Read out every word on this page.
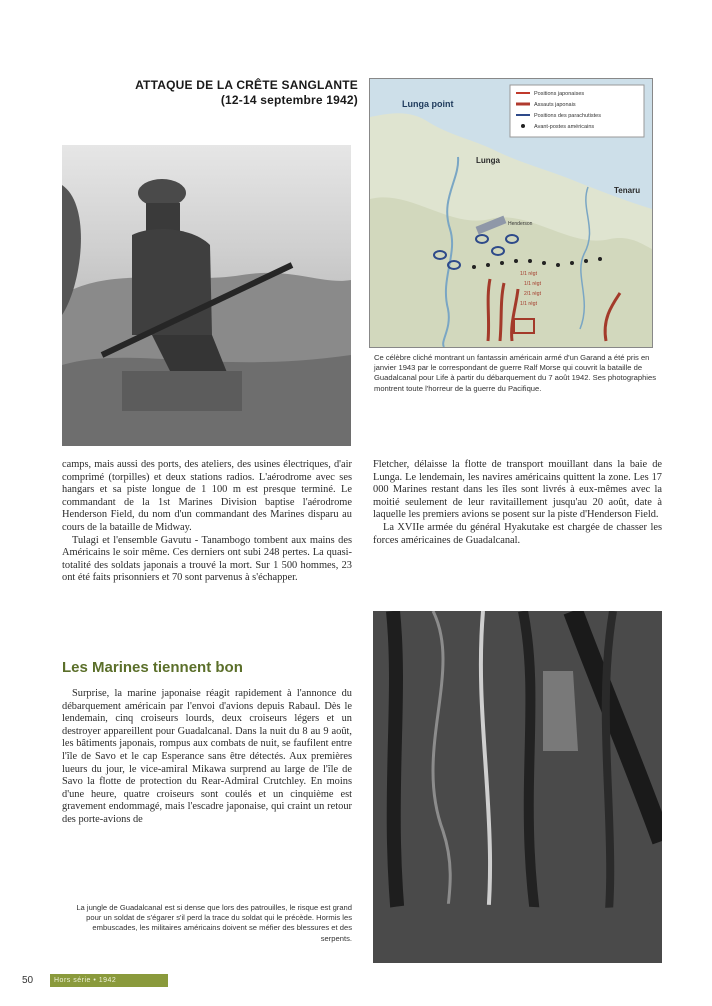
ATTAQUE DE LA CRÊTE SANGLANTE
(12-14 septembre 1942)	Positions japonaises
Assauts japonais
Positions des parachutistes
Avant-postes américains
Lunga point
Lunga
Tenaru
Henderson
1/1 régt
1/1 régt
2/1 régt
1/1 régt
Ce célèbre cliché montrant un fantassin américain armé d'un Garand a été pris en janvier 1943 par le correspondant de guerre Ralf Morse qui couvrit la bataille de Guadalcanal pour Life à partir du débarquement du 7 août 1942. Ses photographies montrent toute l'horreur de la guerre du Pacifique.

camps, mais aussi des ports, des ateliers, des usines électriques, d'air comprimé (torpilles) et deux stations radios. L'aérodrome avec ses hangars et sa piste longue de 1 100 m est presque terminé. Le commandant de la 1st Marines Division baptise l'aérodrome Henderson Field, du nom d'un commandant des Marines disparu au cours de la bataille de Midway.

Tulagi et l'ensemble Gavutu - Tanambogo tombent aux mains des Américains le soir même. Ces derniers ont subi 248 pertes. La quasi-totalité des soldats japonais a trouvé la mort. Sur 1 500 hommes, 23 ont été faits prisonniers et 70 sont parvenus à s'échapper.

Les Marines tiennent bon

Surprise, la marine japonaise réagit rapidement à l'annonce du débarquement américain par l'envoi d'avions depuis Rabaul. Dès le lendemain, cinq croiseurs lourds, deux croiseurs légers et un destroyer appareillent pour Guadalcanal. Dans la nuit du 8 au 9 août, les bâtiments japonais, rompus aux combats de nuit, se faufilent entre l'île de Savo et le cap Esperance sans être détectés. Aux premières lueurs du jour, le vice-amiral Mikawa surprend au large de l'île de Savo la flotte de protection du Rear-Admiral Crutchley. En moins d'une heure, quatre croiseurs sont coulés et un cinquième est gravement endommagé, mais l'escadre japonaise, qui craint un retour des porte-avions de

La jungle de Guadalcanal est si dense que lors des patrouilles, le risque est grand pour un soldat de s'égarer s'il perd la trace du soldat qui le précède. Hormis les embuscades, les militaires américains doivent se méfier des blessures et des serpents.

Fletcher, délaisse la flotte de transport mouillant dans la baie de Lunga. Le lendemain, les navires américains quittent la zone. Les 17 000 Marines restant dans les îles sont livrés à eux-mêmes avec la moitié seulement de leur ravitaillement jusqu'au 20 août, date à laquelle les premiers avions se posent sur la piste d'Henderson Field.

La XVIIe armée du général Hyakutake est chargée de chasser les forces américaines de Guadalcanal.

50	Hors série • 1942
